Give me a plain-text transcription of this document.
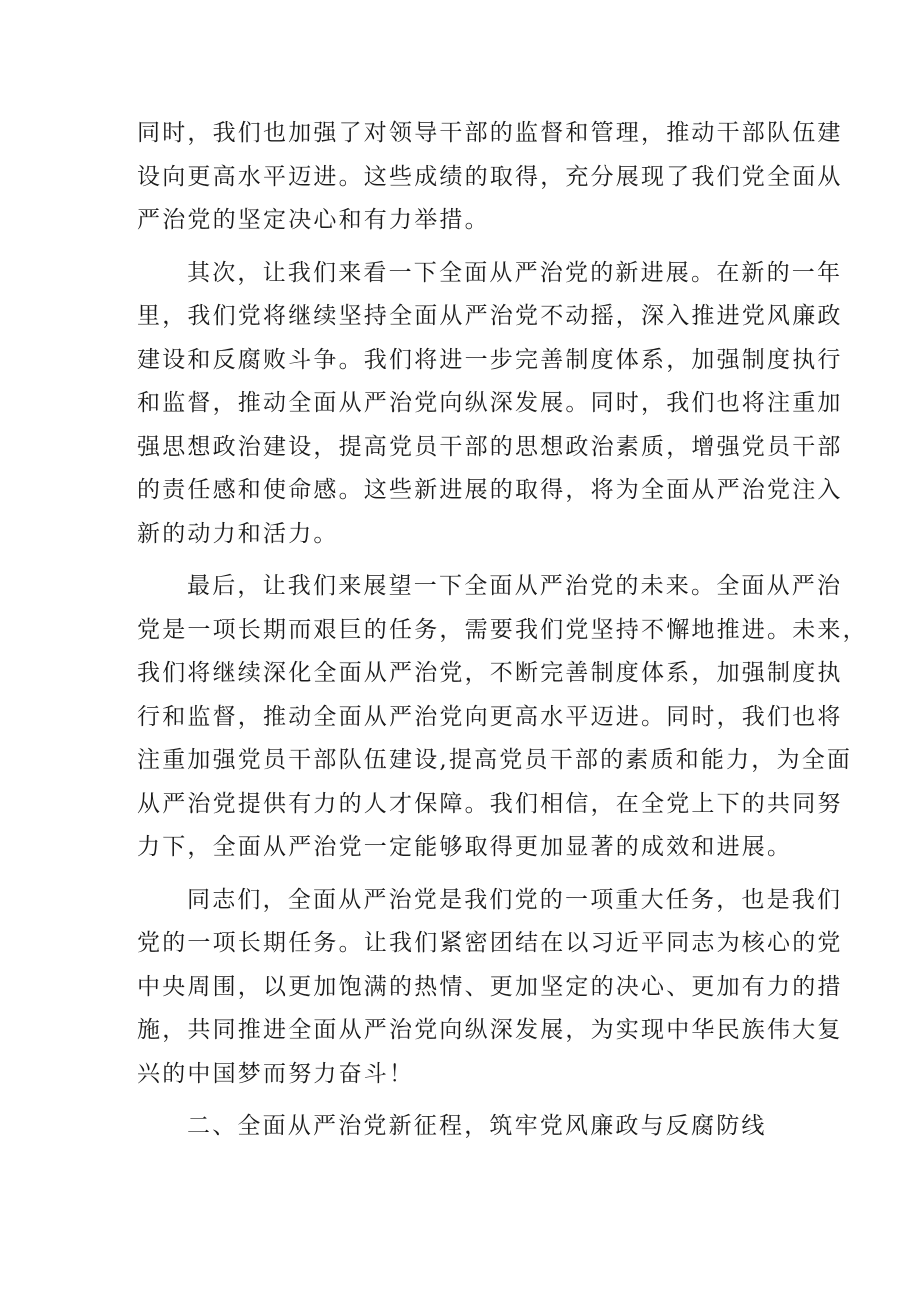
同时，我们也加强了对领导干部的监督和管理，推动干部队伍建
设向更高水平迈进。这些成绩的取得，充分展现了我们党全面从
严治党的坚定决心和有力举措。
其次，让我们来看一下全面从严治党的新进展。在新的一年
里，我们党将继续坚持全面从严治党不动摇，深入推进党风廉政
建设和反腐败斗争。我们将进一步完善制度体系，加强制度执行
和监督，推动全面从严治党向纵深发展。同时，我们也将注重加
强思想政治建设，提高党员干部的思想政治素质，增强党员干部
的责任感和使命感。这些新进展的取得，将为全面从严治党注入
新的动力和活力。
最后，让我们来展望一下全面从严治党的未来。全面从严治
党是一项长期而艰巨的任务，需要我们党坚持不懈地推进。未来，
我们将继续深化全面从严治党，不断完善制度体系，加强制度执
行和监督，推动全面从严治党向更高水平迈进。同时，我们也将
注重加强党员干部队伍建设,提高党员干部的素质和能力，为全面
从严治党提供有力的人才保障。我们相信，在全党上下的共同努
力下，全面从严治党一定能够取得更加显著的成效和进展。
同志们，全面从严治党是我们党的一项重大任务，也是我们
党的一项长期任务。让我们紧密团结在以习近平同志为核心的党
中央周围，以更加饱满的热情、更加坚定的决心、更加有力的措
施，共同推进全面从严治党向纵深发展，为实现中华民族伟大复
兴的中国梦而努力奋斗！
二、全面从严治党新征程，筑牢党风廉政与反腐防线
